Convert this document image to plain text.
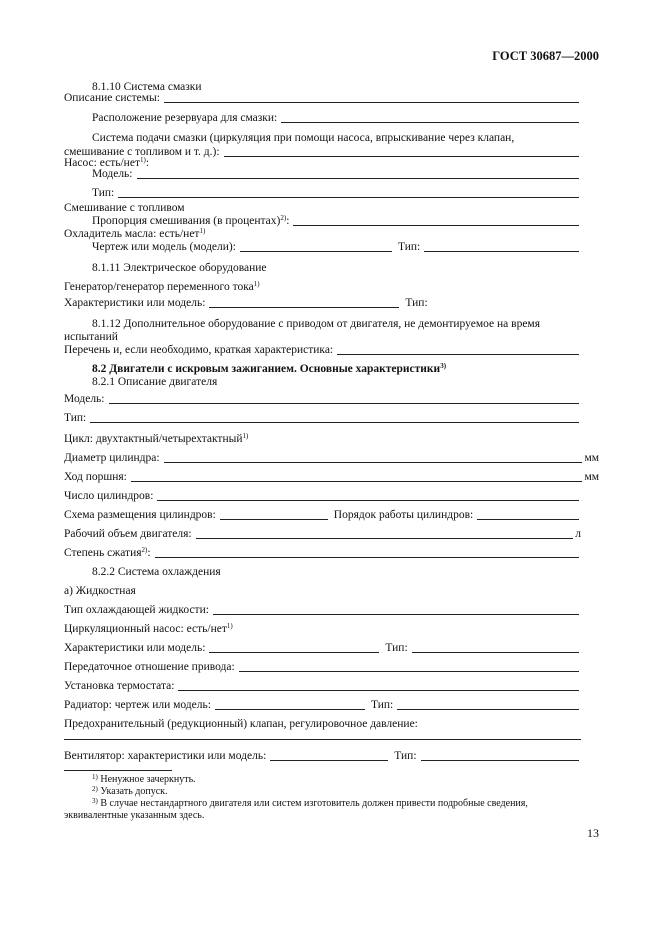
ГОСТ 30687—2000
8.1.10 Система смазки
Описание системы:
Расположение резервуара для смазки:
Система подачи смазки (циркуляция при помощи насоса, впрыскивание через клапан,
смешивание с топливом и т. д.):
Насос: есть/нет$^{1)}$:
Модель:
Тип:
Смешивание с топливом
Пропорция смешивания (в процентах)$^{2)}$:
Охладитель масла: есть/нет$^{1)}$
Чертеж или модель (модели):	Тип:
8.1.11 Электрическое оборудование
Генератор/генератор переменного тока$^{1)}$
Характеристики или модель:	Тип:
8.1.12 Дополнительное оборудование с приводом от двигателя, не демонтируемое на время
испытаний
Перечень и, если необходимо, краткая характеристика:
8.2 Двигатели с искровым зажиганием. Основные характеристики$^{3)}$
8.2.1 Описание двигателя
Модель:
Тип:
Цикл: двухтактный/четырехтактный$^{1)}$
Диаметр цилиндра:	мм
Ход поршня:	мм
Число цилиндров:
Схема размещения цилиндров:	Порядок работы цилиндров:
Рабочий объем двигателя:	л
Степень сжатия$^{2)}$:
8.2.2 Система охлаждения
а) Жидкостная
Тип охлаждающей жидкости:
Циркуляционный насос: есть/нет$^{1)}$
Характеристики или модель:	Тип:
Передаточное отношение привода:
Установка термостата:
Радиатор: чертеж или модель:	Тип:
Предохранительный (редукционный) клапан, регулировочное давление:
Вентилятор: характеристики или модель:	Тип:
$^{1)}$ Ненужное зачеркнуть.
$^{2)}$ Указать допуск.
$^{3)}$ В случае нестандартного двигателя или систем изготовитель должен привести подробные сведения,
эквивалентные указанным здесь.
13
